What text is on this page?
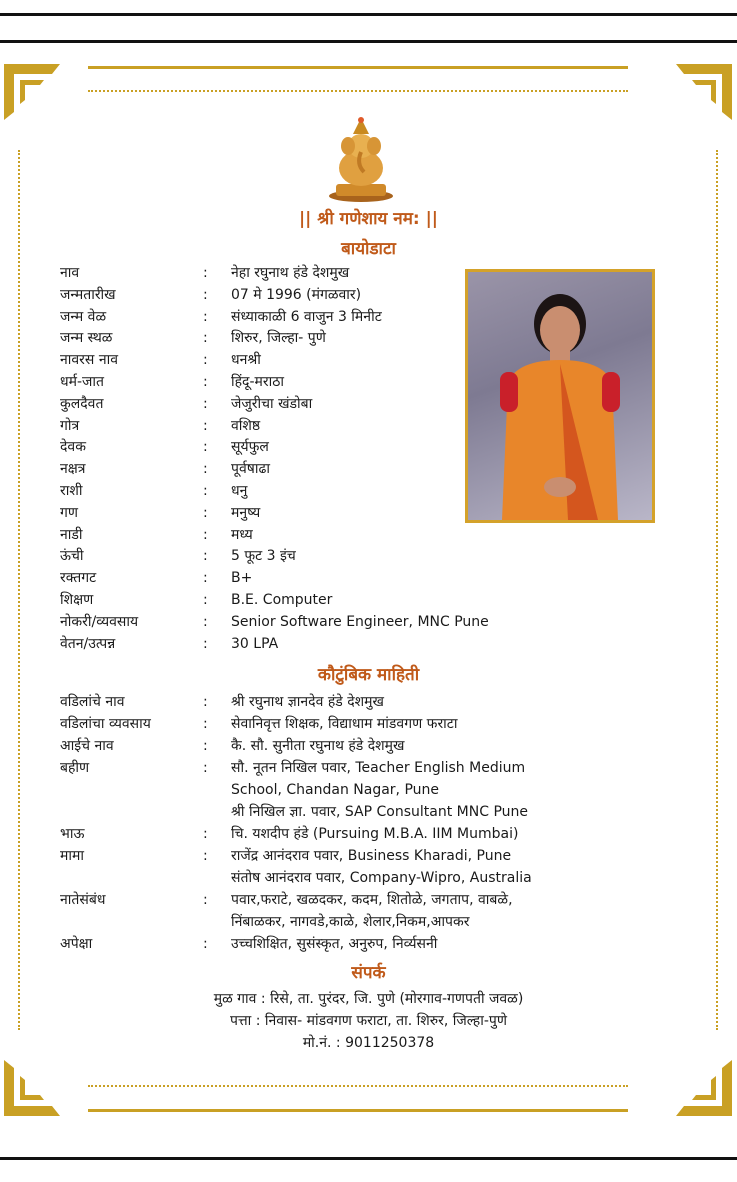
|| श्री गणेशाय नम: ||
बायोडाटा
नाव	:	नेहा रघुनाथ हंडे देशमुख
जन्मतारीख	:	07 मे 1996 (मंगळवार)
जन्म वेळ	:	संध्याकाळी 6 वाजुन 3 मिनीट
जन्म स्थळ	:	शिरुर, जिल्हा- पुणे
नावरस नाव	:	धनश्री
धर्म-जात	:	हिंदू-मराठा
कुलदैवत	:	जेजुरीचा खंडोबा
गोत्र	:	वशिष्ठ
देवक	:	सूर्यफुल
नक्षत्र	:	पूर्वषाढा
राशी	:	धनु
गण	:	मनुष्य
नाडी	:	मध्य
ऊंची	:	5 फूट 3 इंच
रक्तगट	:	B+
शिक्षण	:	B.E. Computer
नोकरी/व्यवसाय	:	Senior Software Engineer, MNC Pune
वेतन/उत्पन्न	:	30 LPA
कौटुंबिक माहिती
वडिलांचे नाव	:	श्री रघुनाथ ज्ञानदेव हंडे देशमुख
वडिलांचा व्यवसाय	:	सेवानिवृत्त शिक्षक, विद्याधाम मांडवगण फराटा
आईचे नाव	:	कै. सौ. सुनीता रघुनाथ हंडे देशमुख
बहीण	:	सौ. नूतन निखिल पवार, Teacher English Medium
School, Chandan Nagar, Pune
श्री निखिल ज्ञा. पवार, SAP Consultant MNC Pune
भाऊ	:	चि. यशदीप हंडे (Pursuing M.B.A. IIM Mumbai)
मामा	:	राजेंद्र आनंदराव पवार, Business Kharadi, Pune
संतोष आनंदराव पवार, Company-Wipro, Australia
नातेसंबंध	:	पवार,फराटे, खळदकर, कदम, शितोळे, जगताप, वाबळे,
निंबाळकर, नागवडे,काळे, शेलार,निकम,आपकर
अपेक्षा	:	उच्चशिक्षित, सुसंस्कृत, अनुरुप, निर्व्यसनी
संपर्क
मुळ गाव : रिसे, ता. पुरंदर, जि. पुणे (मोरगाव-गणपती जवळ)
पत्ता : निवास- मांडवगण फराटा, ता. शिरुर, जिल्हा-पुणे
मो.नं. : 9011250378
